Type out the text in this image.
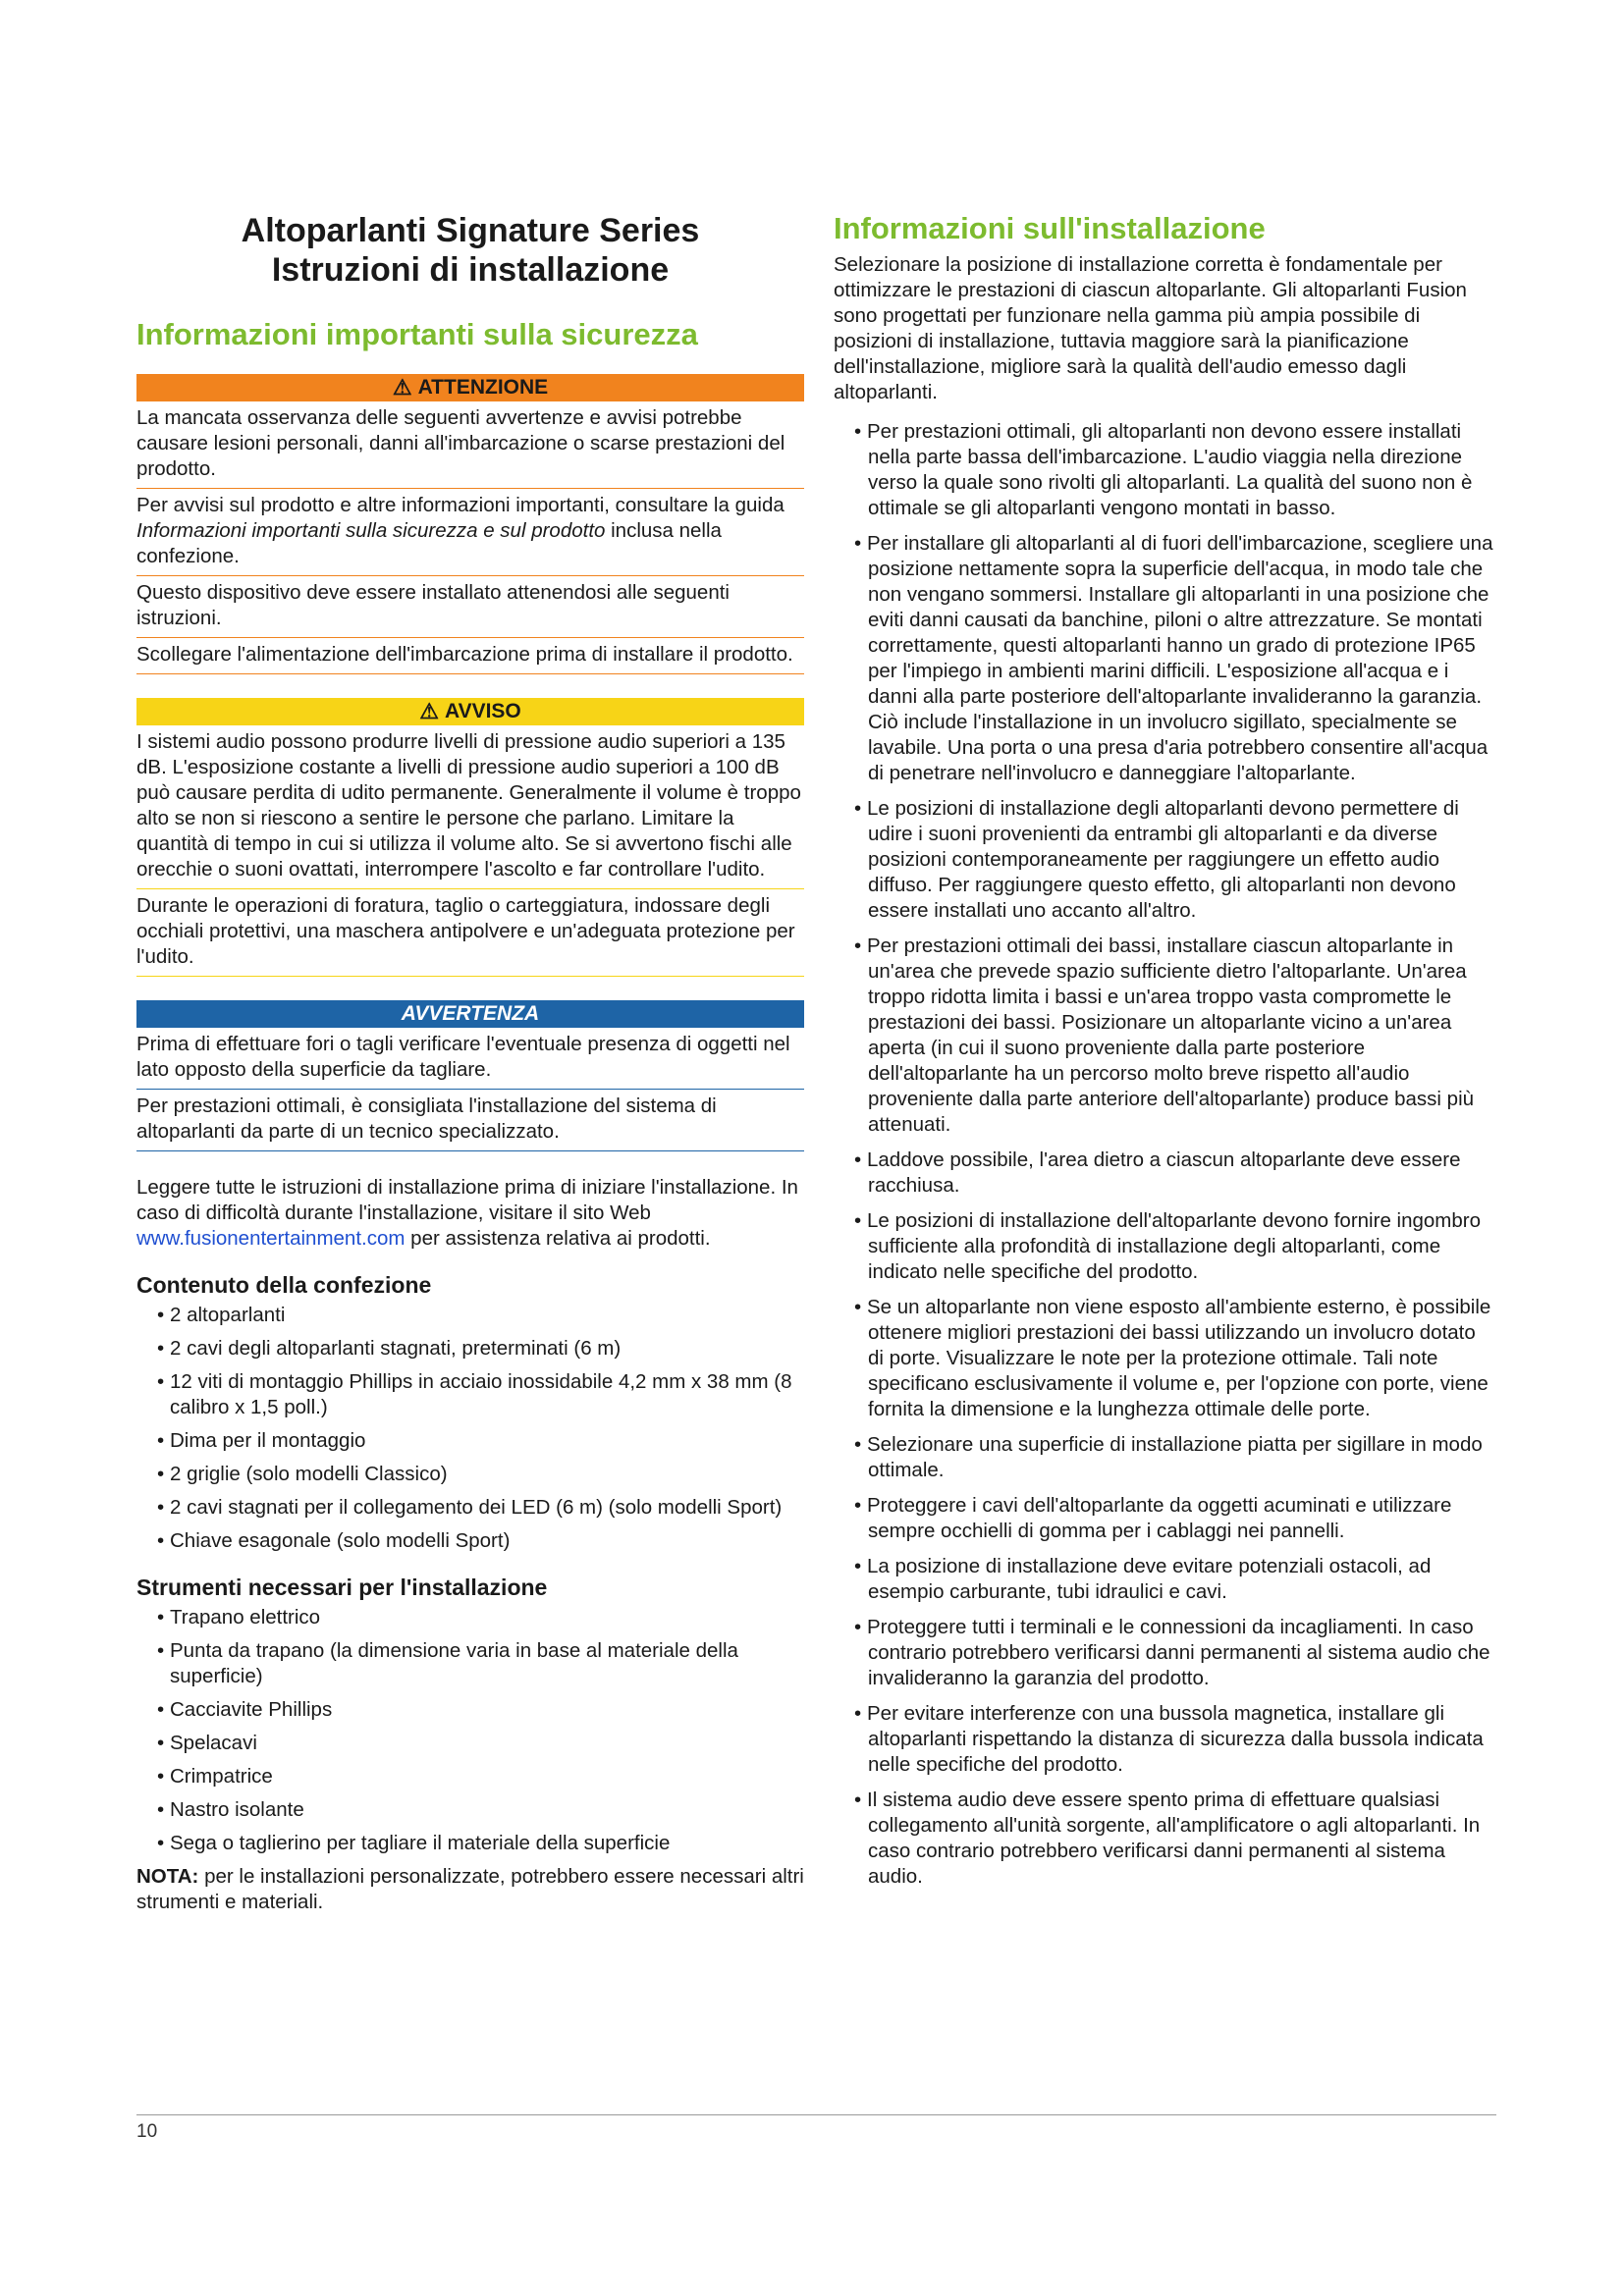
Altoparlanti Signature Series
Istruzioni di installazione
Informazioni importanti sulla sicurezza
⚠ ATTENZIONE

La mancata osservanza delle seguenti avvertenze e avvisi potrebbe causare lesioni personali, danni all'imbarcazione o scarse prestazioni del prodotto.

Per avvisi sul prodotto e altre informazioni importanti, consultare la guida Informazioni importanti sulla sicurezza e sul prodotto inclusa nella confezione.

Questo dispositivo deve essere installato attenendosi alle seguenti istruzioni.

Scollegare l'alimentazione dell'imbarcazione prima di installare il prodotto.

⚠ AVVISO

I sistemi audio possono produrre livelli di pressione audio superiori a 135 dB. L'esposizione costante a livelli di pressione audio superiori a 100 dB può causare perdita di udito permanente. Generalmente il volume è troppo alto se non si riescono a sentire le persone che parlano. Limitare la quantità di tempo in cui si utilizza il volume alto. Se si avvertono fischi alle orecchie o suoni ovattati, interrompere l'ascolto e far controllare l'udito.

Durante le operazioni di foratura, taglio o carteggiatura, indossare degli occhiali protettivi, una maschera antipolvere e un'adeguata protezione per l'udito.

AVVERTENZA

Prima di effettuare fori o tagli verificare l'eventuale presenza di oggetti nel lato opposto della superficie da tagliare.

Per prestazioni ottimali, è consigliata l'installazione del sistema di altoparlanti da parte di un tecnico specializzato.

Leggere tutte le istruzioni di installazione prima di iniziare l'installazione. In caso di difficoltà durante l'installazione, visitare il sito Web www.fusionentertainment.com per assistenza relativa ai prodotti.

Contenuto della confezione
• 2 altoparlanti
• 2 cavi degli altoparlanti stagnati, preterminati (6 m)
• 12 viti di montaggio Phillips in acciaio inossidabile 4,2 mm x 38 mm (8 calibro x 1,5 poll.)
• Dima per il montaggio
• 2 griglie (solo modelli Classico)
• 2 cavi stagnati per il collegamento dei LED (6 m) (solo modelli Sport)
• Chiave esagonale (solo modelli Sport)
Strumenti necessari per l'installazione
• Trapano elettrico
• Punta da trapano (la dimensione varia in base al materiale della superficie)
• Cacciavite Phillips
• Spelacavi
• Crimpatrice
• Nastro isolante
• Sega o taglierino per tagliare il materiale della superficie

NOTA: per le installazioni personalizzate, potrebbero essere necessari altri strumenti e materiali.

Informazioni sull'installazione

Selezionare la posizione di installazione corretta è fondamentale per ottimizzare le prestazioni di ciascun altoparlante. Gli altoparlanti Fusion sono progettati per funzionare nella gamma più ampia possibile di posizioni di installazione, tuttavia maggiore sarà la pianificazione dell'installazione, migliore sarà la qualità dell'audio emesso dagli altoparlanti.

• Per prestazioni ottimali, gli altoparlanti non devono essere installati nella parte bassa dell'imbarcazione. L'audio viaggia nella direzione verso la quale sono rivolti gli altoparlanti. La qualità del suono non è ottimale se gli altoparlanti vengono montati in basso.
• Per installare gli altoparlanti al di fuori dell'imbarcazione, scegliere una posizione nettamente sopra la superficie dell'acqua, in modo tale che non vengano sommersi. Installare gli altoparlanti in una posizione che eviti danni causati da banchine, piloni o altre attrezzature. Se montati correttamente, questi altoparlanti hanno un grado di protezione IP65 per l'impiego in ambienti marini difficili. L'esposizione all'acqua e i danni alla parte posteriore dell'altoparlante invalideranno la garanzia. Ciò include l'installazione in un involucro sigillato, specialmente se lavabile. Una porta o una presa d'aria potrebbero consentire all'acqua di penetrare nell'involucro e danneggiare l'altoparlante.
• Le posizioni di installazione degli altoparlanti devono permettere di udire i suoni provenienti da entrambi gli altoparlanti e da diverse posizioni contemporaneamente per raggiungere un effetto audio diffuso. Per raggiungere questo effetto, gli altoparlanti non devono essere installati uno accanto all'altro.
• Per prestazioni ottimali dei bassi, installare ciascun altoparlante in un'area che prevede spazio sufficiente dietro l'altoparlante. Un'area troppo ridotta limita i bassi e un'area troppo vasta compromette le prestazioni dei bassi. Posizionare un altoparlante vicino a un'area aperta (in cui il suono proveniente dalla parte posteriore dell'altoparlante ha un percorso molto breve rispetto all'audio proveniente dalla parte anteriore dell'altoparlante) produce bassi più attenuati.
• Laddove possibile, l'area dietro a ciascun altoparlante deve essere racchiusa.
• Le posizioni di installazione dell'altoparlante devono fornire ingombro sufficiente alla profondità di installazione degli altoparlanti, come indicato nelle specifiche del prodotto.
• Se un altoparlante non viene esposto all'ambiente esterno, è possibile ottenere migliori prestazioni dei bassi utilizzando un involucro dotato di porte. Visualizzare le note per la protezione ottimale. Tali note specificano esclusivamente il volume e, per l'opzione con porte, viene fornita la dimensione e la lunghezza ottimale delle porte.
• Selezionare una superficie di installazione piatta per sigillare in modo ottimale.
• Proteggere i cavi dell'altoparlante da oggetti acuminati e utilizzare sempre occhielli di gomma per i cablaggi nei pannelli.
• La posizione di installazione deve evitare potenziali ostacoli, ad esempio carburante, tubi idraulici e cavi.
• Proteggere tutti i terminali e le connessioni da incagliamenti. In caso contrario potrebbero verificarsi danni permanenti al sistema audio che invalideranno la garanzia del prodotto.
• Per evitare interferenze con una bussola magnetica, installare gli altoparlanti rispettando la distanza di sicurezza dalla bussola indicata nelle specifiche del prodotto.
• Il sistema audio deve essere spento prima di effettuare qualsiasi collegamento all'unità sorgente, all'amplificatore o agli altoparlanti. In caso contrario potrebbero verificarsi danni permanenti al sistema audio.
10
